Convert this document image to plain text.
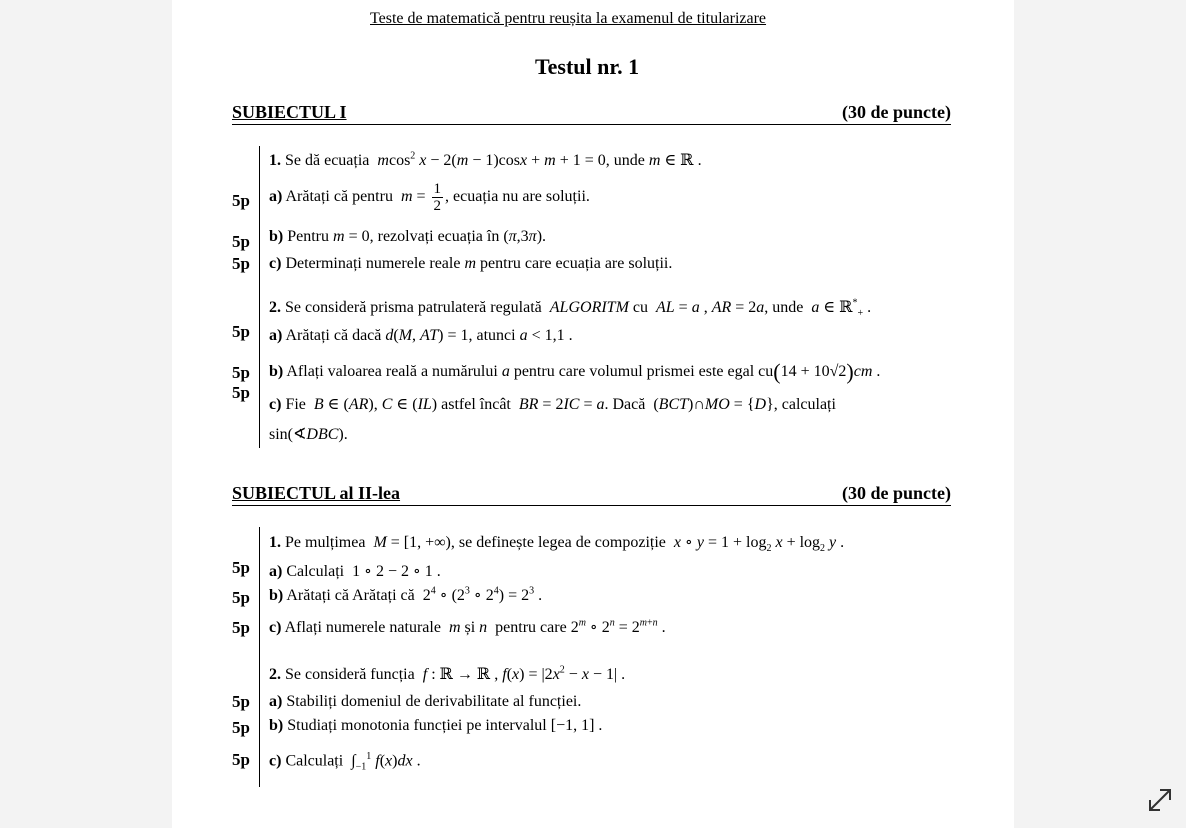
Teste de matematică pentru reușita la examenul de titularizare
Testul nr. 1
SUBIECTUL I	(30 de puncte)
1. Se dă ecuația mcos$^2$ x − 2(m − 1)cosx + m + 1 = 0, unde m ∈ ℝ .
5p a) Arătați că pentru $m = \frac{1}{2}$ , ecuația nu are soluții.
5p b) Pentru m = 0, rezolvați ecuația în (π,3π).
5p c) Determinați numerele reale m pentru care ecuația are soluții.
2. Se consideră prisma patrulateră regulată ALGORITM cu AL = a , AR = 2a, unde a ∈ ℝ*$_+$ .
5p a) Arătați că dacă d(M, AT) = 1, atunci a < 1,1 .
5p b) Aflați valoarea reală a numărului a pentru care volumul prismei este egal cu(14 + 10√2)cm .
5p
c) Fie B ∈ (AR), C ∈ (IL) astfel încât BR = 2IC = a. Dacă  (BCT)∩MO = {D}, calculați
sin(∢DBC).
SUBIECTUL al II-lea	(30 de puncte)
1. Pe mulțimea M = [1, +∞), se definește legea de compoziție x ∘ $y = 1 + \log_2 x + \log_2 y$ .
5p a) Calculați  1 ∘ 2 − 2 ∘ 1 .
5p b) Arătați că Arătați că  $2^4$ ∘ ($2^3$ ∘ $2^4) = 2^3$ .
5p c) Aflați numerele naturale m și n pentru care 2$^m$ ∘ $2^n = 2^{m+n}$ .
2. Se consideră funcția f : ℝ → ℝ , $f(x) = |2x^2 - x - 1|$ .
5p a) Stabiliți domeniul de derivabilitate al funcției.
5p b) Studiați monotonia funcției pe intervalul [−1, 1] .
5p c) Calculați  $\int_{-1}^1$ f(x)dx .
